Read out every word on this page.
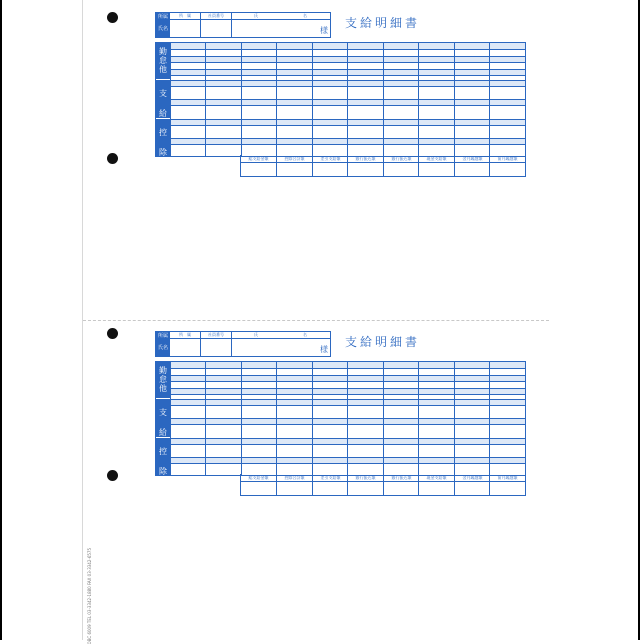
所属
氏名
所　属	社員番号	氏	名
様
支給明細書
勤怠他
支給
控除
総支給金額	控除合計額	差引支給額	銀行振込額	銀行振込額	現金支給額	翌月繰越額	前月繰越額
所属
氏名
所　属	社員番号	氏	名
様
支給明細書
勤怠他
支給
控除
総支給金額	控除合計額	差引支給額	銀行振込額	銀行振込額	現金支給額	翌月繰越額	前月繰越額
OBC 6009 TEL 03-3342-1880 FAX 03-3342-6575
